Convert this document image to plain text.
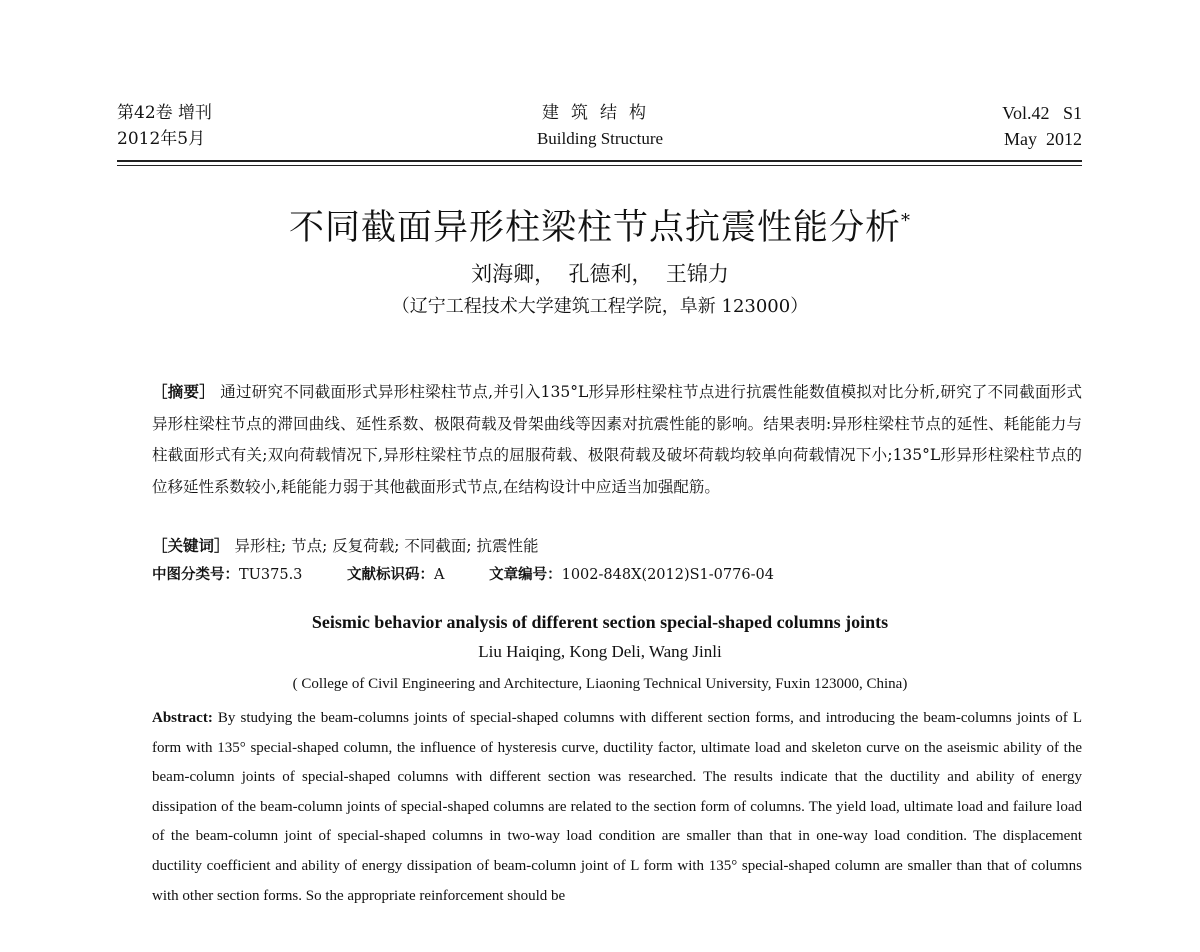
第42卷 增刊
2012年5月
建筑结构
Building Structure
Vol.42   S1
May  2012
不同截面异形柱梁柱节点抗震性能分析*
刘海卿，  孔德利，  王锦力
（辽宁工程技术大学建筑工程学院，阜新 123000）
［摘要］ 通过研究不同截面形式异形柱梁柱节点,并引入135°L形异形柱梁柱节点进行抗震性能数值模拟对比分析,研究了不同截面形式异形柱梁柱节点的滞回曲线、延性系数、极限荷载及骨架曲线等因素对抗震性能的影响。结果表明:异形柱梁柱节点的延性、耗能能力与柱截面形式有关;双向荷载情况下,异形柱梁柱节点的屈服荷载、极限荷载及破坏荷载均较单向荷载情况下小;135°L形异形柱梁柱节点的位移延性系数较小,耗能能力弱于其他截面形式节点,在结构设计中应适当加强配筋。
［关键词］ 异形柱; 节点; 反复荷载; 不同截面; 抗震性能
中图分类号：TU375.3	文献标识码：A	文章编号：1002-848X(2012)S1-0776-04
Seismic behavior analysis of different section special-shaped columns joints
Liu Haiqing, Kong Deli, Wang Jinli
( College of Civil Engineering and Architecture, Liaoning Technical University, Fuxin 123000, China)
Abstract: By studying the beam-columns joints of special-shaped columns with different section forms, and introducing the beam-columns joints of L form with 135° special-shaped column, the influence of hysteresis curve, ductility factor, ultimate load and skeleton curve on the aseismic ability of the beam-column joints of special-shaped columns with different section was researched. The results indicate that the ductility and ability of energy dissipation of the beam-column joints of special-shaped columns are related to the section form of columns. The yield load, ultimate load and failure load of the beam-column joint of special-shaped columns in two-way load condition are smaller than that in one-way load condition. The displacement ductility coefficient and ability of energy dissipation of beam-column joint of L form with 135° special-shaped column are smaller than that of columns with other section forms. So the appropriate reinforcement should be
